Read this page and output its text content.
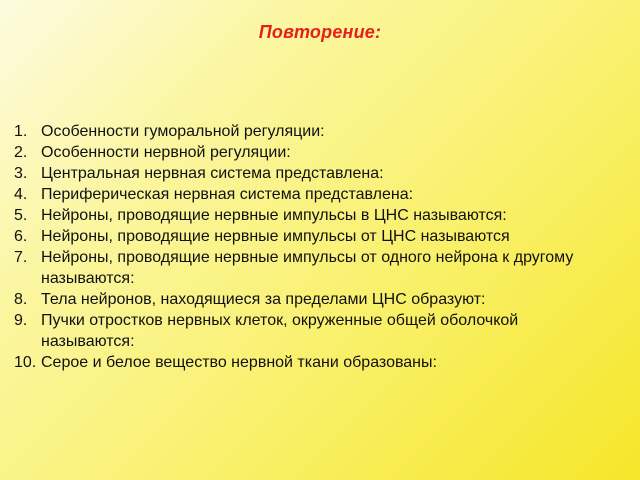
Повторение:
1. Особенности гуморальной регуляции:
2. Особенности нервной регуляции:
3. Центральная нервная система представлена:
4. Периферическая нервная система представлена:
5. Нейроны, проводящие нервные импульсы в ЦНС называются:
6. Нейроны, проводящие нервные импульсы от ЦНС называются
7. Нейроны, проводящие нервные импульсы от одного нейрона к другому называются:
8. Тела нейронов, находящиеся за пределами ЦНС образуют:
9. Пучки отростков нервных клеток, окруженные общей оболочкой называются:
10. Серое и белое вещество нервной ткани образованы:
